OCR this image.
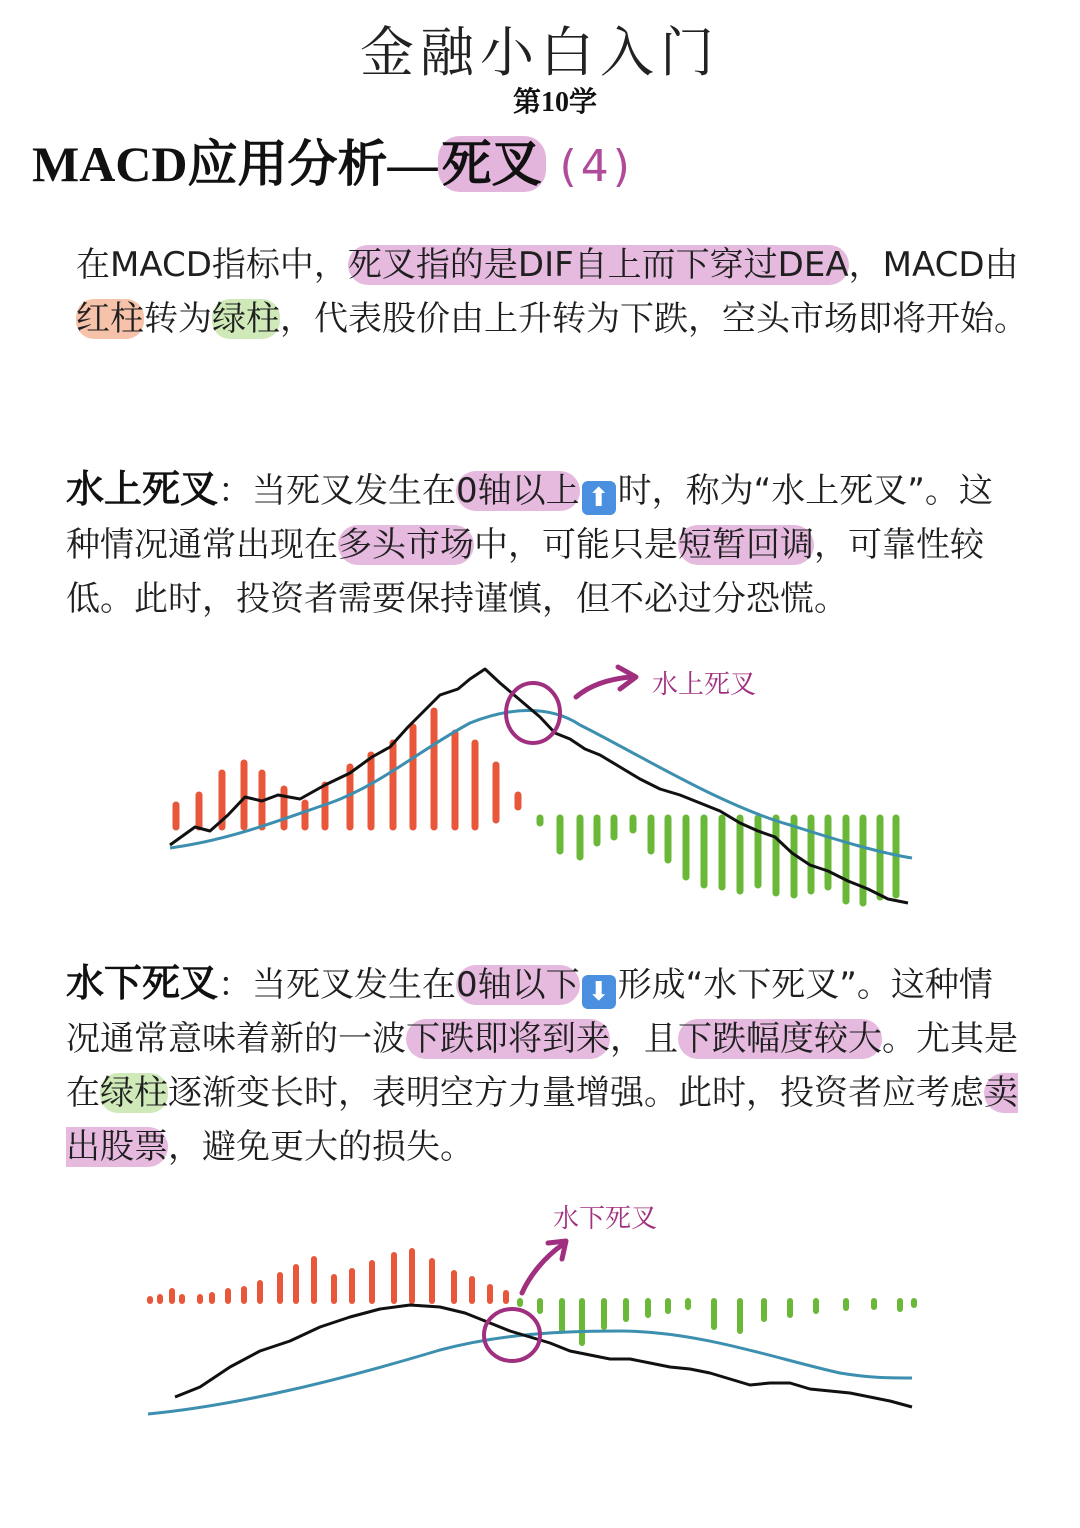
金融小白入门
第10学
MACD应用分析—死叉 (4)
在MACD指标中，死叉指的是DIF自上而下穿过DEA，MACD由红柱转为绿柱，代表股价由上升转为下跌，空头市场即将开始。
水上死叉：当死叉发生在0轴以上 ⬆ 时，称为“水上死叉”。这种情况通常出现在多头市场中，可能只是短暂回调，可靠性较低。此时，投资者需要保持谨慎，但不必过分恐慌。
水下死叉：当死叉发生在0轴以下 ⬇ 形成“水下死叉”。这种情况通常意味着新的一波下跌即将到来，且下跌幅度较大。尤其是在绿柱逐渐变长时，表明空方力量增强。此时，投资者应考虑卖出股票，避免更大的损失。
水上死叉
水下死叉
